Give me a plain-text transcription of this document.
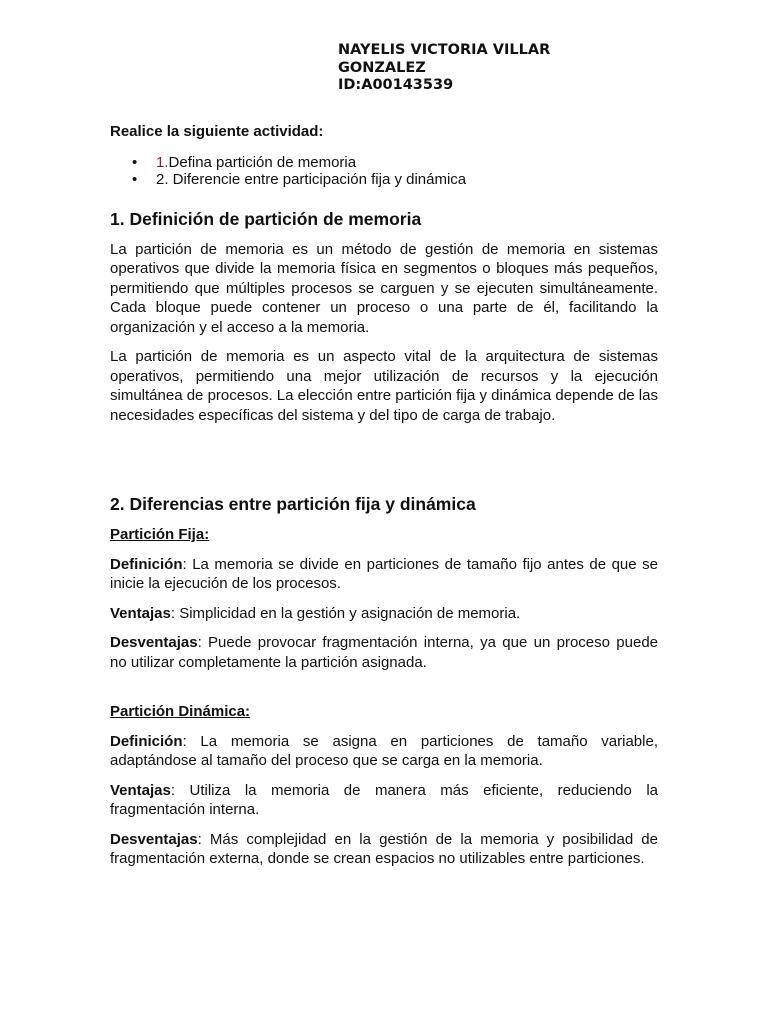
NAYELIS VICTORIA VILLAR
GONZALEZ
ID:A00143539

Realice la siguiente actividad:

• 1.Defina partición de memoria
• 2. Diferencie entre participación fija y dinámica
1. Definición de partición de memoria

La partición de memoria es un método de gestión de memoria en sistemas operativos que divide la memoria física en segmentos o bloques más pequeños, permitiendo que múltiples procesos se carguen y se ejecuten simultáneamente. Cada bloque puede contener un proceso o una parte de él, facilitando la organización y el acceso a la memoria.

La partición de memoria es un aspecto vital de la arquitectura de sistemas operativos, permitiendo una mejor utilización de recursos y la ejecución simultánea de procesos. La elección entre partición fija y dinámica depende de las necesidades específicas del sistema y del tipo de carga de trabajo.

2. Diferencias entre partición fija y dinámica

Partición Fija:

Definición: La memoria se divide en particiones de tamaño fijo antes de que se inicie la ejecución de los procesos.

Ventajas: Simplicidad en la gestión y asignación de memoria.

Desventajas: Puede provocar fragmentación interna, ya que un proceso puede no utilizar completamente la partición asignada.

Partición Dinámica:

Definición: La memoria se asigna en particiones de tamaño variable, adaptándose al tamaño del proceso que se carga en la memoria.

Ventajas: Utiliza la memoria de manera más eficiente, reduciendo la fragmentación interna.

Desventajas: Más complejidad en la gestión de la memoria y posibilidad de fragmentación externa, donde se crean espacios no utilizables entre particiones.
